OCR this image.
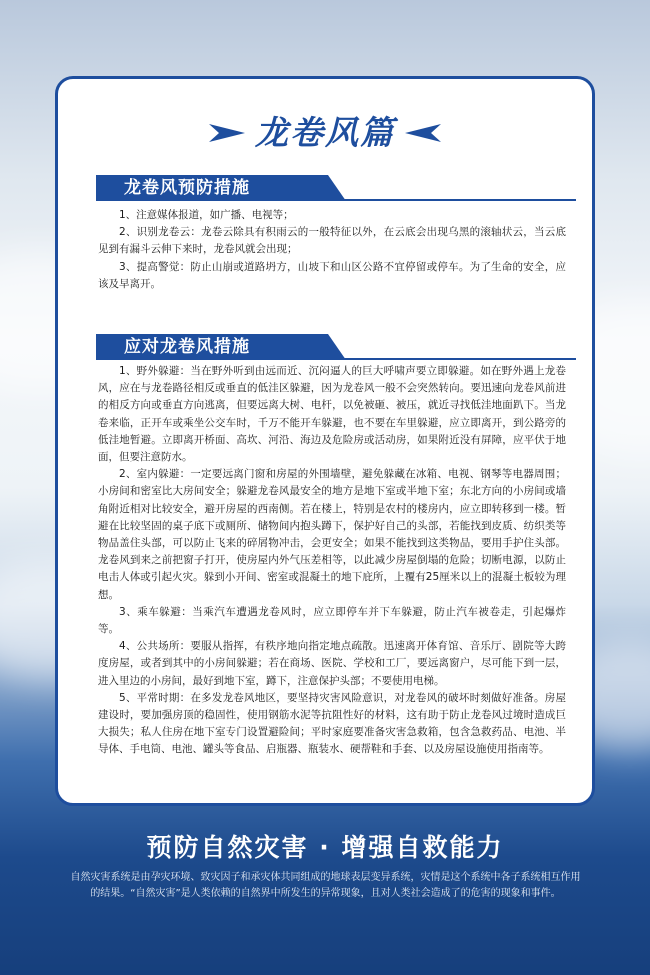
龙卷风篇
龙卷风预防措施

1、注意媒体报道，如广播、电视等；

2、识别龙卷云：龙卷云除具有积雨云的一般特征以外，在云底会出现乌黑的滚轴状云，当云底见到有漏斗云伸下来时，龙卷风就会出现；

3、提高警觉：防止山崩或道路坍方，山坡下和山区公路不宜停留或停车。为了生命的安全，应该及早离开。

应对龙卷风措施

1、野外躲避：当在野外听到由远而近、沉闷逼人的巨大呼啸声要立即躲避。如在野外遇上龙卷风，应在与龙卷路径相反或垂直的低洼区躲避，因为龙卷风一般不会突然转向。要迅速向龙卷风前进的相反方向或垂直方向逃离，但要远离大树、电杆，以免被砸、被压，就近寻找低洼地面趴下。当龙卷来临，正开车或乘坐公交车时，千万不能开车躲避，也不要在车里躲避，应立即离开，到公路旁的低洼地暂避。立即离开桥面、高坎、河沿、海边及危险房或活动房，如果附近没有屏障，应平伏于地面，但要注意防水。

2、室内躲避：一定要远离门窗和房屋的外围墙壁，避免躲藏在冰箱、电视、钢琴等电器周围；小房间和密室比大房间安全；躲避龙卷风最安全的地方是地下室或半地下室；东北方向的小房间或墙角附近相对比较安全，避开房屋的西南侧。若在楼上，特别是农村的楼房内，应立即转移到一楼。暂避在比较坚固的桌子底下或厕所、储物间内抱头蹲下，保护好自己的头部，若能找到皮质、纺织类等物品盖住头部，可以防止飞来的碎屑物冲击，会更安全；如果不能找到这类物品，要用手护住头部。龙卷风到来之前把窗子打开，使房屋内外气压差相等，以此减少房屋倒塌的危险；切断电源，以防止电击人体或引起火灾。躲到小开间、密室或混凝土的地下庇所，上覆有25厘米以上的混凝土板较为理想。

3、乘车躲避：当乘汽车遭遇龙卷风时，应立即停车并下车躲避，防止汽车被卷走，引起爆炸等。

4、公共场所：要服从指挥，有秩序地向指定地点疏散。迅速离开体育馆、音乐厅、剧院等大跨度房屋，或者到其中的小房间躲避；若在商场、医院、学校和工厂，要远离窗户，尽可能下到一层，进入里边的小房间，最好到地下室，蹲下，注意保护头部；不要使用电梯。

5、平常时期：在多发龙卷风地区，要坚持灾害风险意识，对龙卷风的破坏时刻做好准备。房屋建设时，要加强房顶的稳固性，使用钢筋水泥等抗阻性好的材料，这有助于防止龙卷风过境时造成巨大损失；私人住房在地下室专门设置避险间；平时家庭要准备灾害急救箱，包含急救药品、电池、半导体、手电筒、电池、罐头等食品、启瓶器、瓶装水、硬帮鞋和手套、以及房屋设施使用指南等。

预防自然灾害 · 增强自救能力
自然灾害系统是由孕灾环境、致灾因子和承灾体共同组成的地球表层变异系统，灾情是这个系统中各子系统相互作用的结果。“自然灾害”是人类依赖的自然界中所发生的异常现象，且对人类社会造成了的危害的现象和事件。
